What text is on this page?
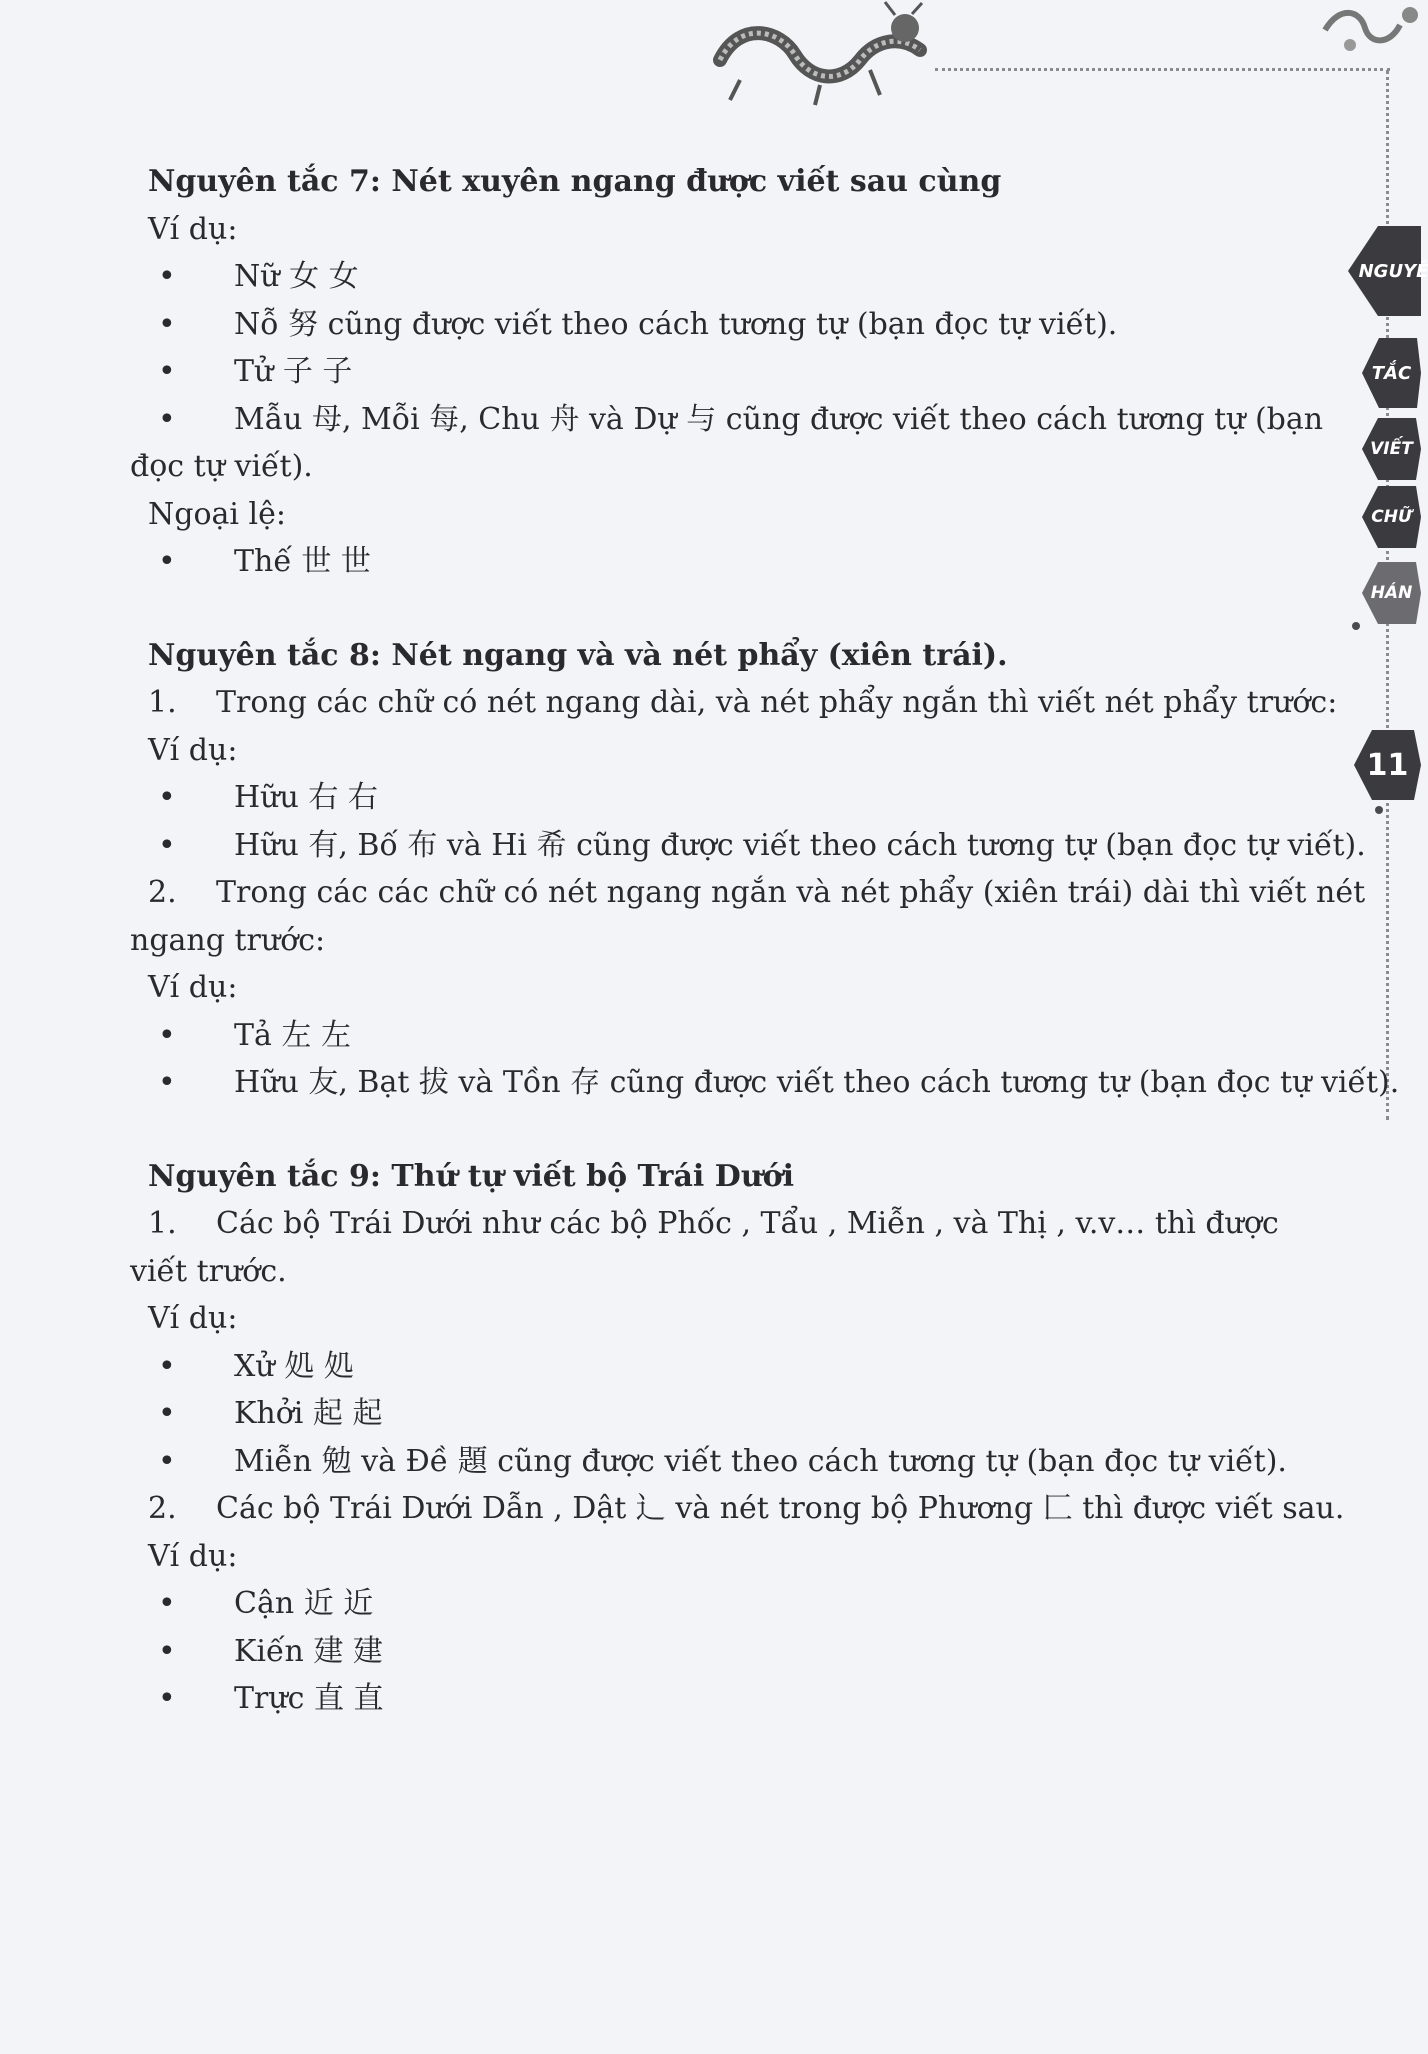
NGUYÊ
TẮC
VIẾT
CHỮ
HÁN
11

Nguyên tắc 7: Nét xuyên ngang được viết sau cùng

Ví dụ:

•	Nữ 女 女
•	Nỗ 努 cũng được viết theo cách tương tự (bạn đọc tự viết).
•	Tử 子 子
•	Mẫu 母, Mỗi 每, Chu 舟 và Dự 与 cũng được viết theo cách tương tự (bạn

đọc tự viết).

Ngoại lệ:

•	Thế 世 世

Nguyên tắc 8: Nét ngang và và nét phẩy (xiên trái).

1.	Trong các chữ có nét ngang dài, và nét phẩy ngắn thì viết nét phẩy trước:

Ví dụ:

•	Hữu 右 右
•	Hữu 有, Bố 布 và Hi 希 cũng được viết theo cách tương tự (bạn đọc tự viết).
2.	Trong các các chữ có nét ngang ngắn và nét phẩy (xiên trái) dài thì viết nét

ngang trước:

Ví dụ:

•	Tả 左 左
•	Hữu 友, Bạt 拔 và Tồn 存 cũng được viết theo cách tương tự (bạn đọc tự viết).

Nguyên tắc 9: Thứ tự viết bộ Trái Dưới

1.	Các bộ Trái Dưới như các bộ Phốc , Tẩu , Miễn , và Thị , v.v… thì được

viết trước.

Ví dụ:

•	Xử 処 処
•	Khởi 起 起
•	Miễn 勉 và Đề 題 cũng được viết theo cách tương tự (bạn đọc tự viết).
2.	Các bộ Trái Dưới Dẫn , Dật 辶 và nét trong bộ Phương 匚 thì được viết sau.

Ví dụ:

•	Cận 近 近
•	Kiến 建 建
•	Trực 直 直
